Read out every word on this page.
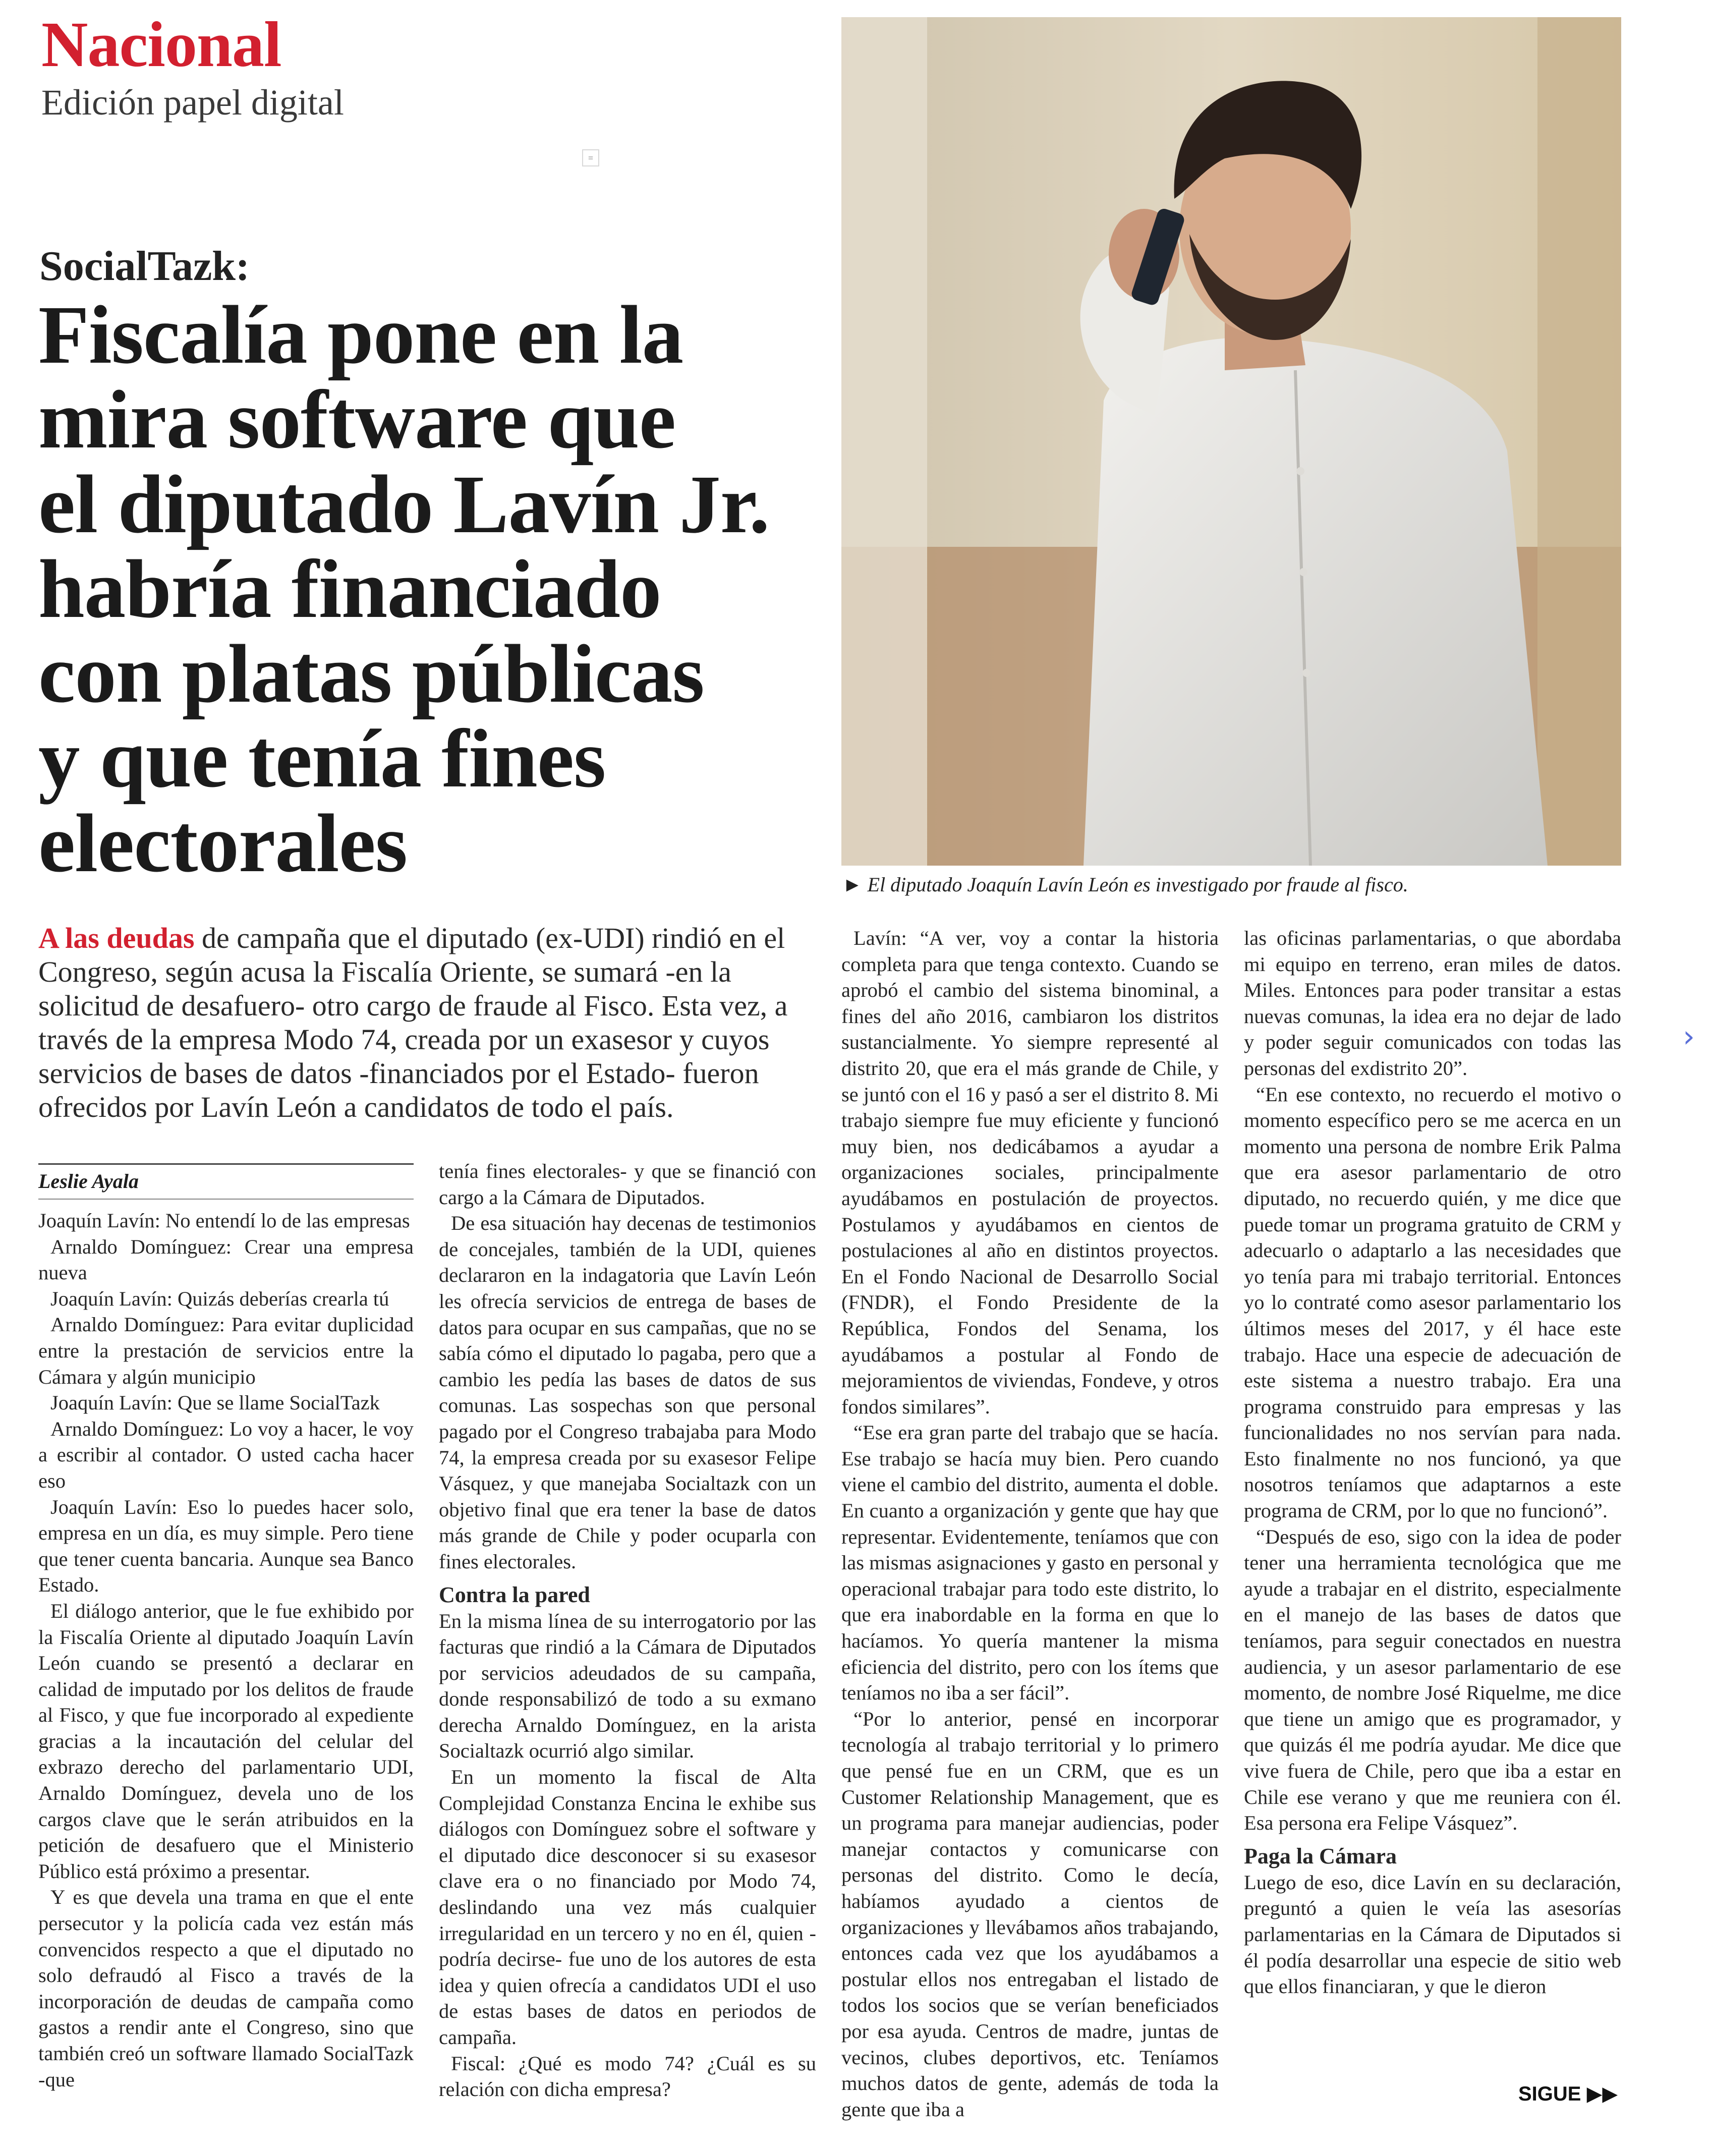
Nacional
Edición papel digital
≡
SocialTazk:
Fiscalía pone en la
mira software que
el diputado Lavín Jr.
habría financiado
con platas públicas
y que tenía fines
electorales	► El diputado Joaquín Lavín León es investigado por fraude al fisco.
A las deudas de campaña que el diputado (ex-UDI) rindió en el Congreso, según acusa la Fiscalía Oriente, se sumará -en la solicitud de desafuero- otro cargo de fraude al Fisco. Esta vez, a través de la empresa Modo 74, creada por un exasesor y cuyos servicios de bases de datos -financiados por el Estado- fueron ofrecidos por Lavín León a candidatos de todo el país.
Leslie Ayala

Joaquín Lavín: No entendí lo de las empresas

Arnaldo Domínguez: Crear una empresa nueva

Joaquín Lavín: Quizás deberías crearla tú

Arnaldo Domínguez: Para evitar duplicidad entre la prestación de servicios entre la Cámara y algún municipio

Joaquín Lavín: Que se llame SocialTazk

Arnaldo Domínguez: Lo voy a hacer, le voy a escribir al contador. O usted cacha hacer eso

Joaquín Lavín: Eso lo puedes hacer solo, empresa en un día, es muy simple. Pero tiene que tener cuenta bancaria. Aunque sea Banco Estado.

El diálogo anterior, que le fue exhibido por la Fiscalía Oriente al diputado Joaquín Lavín León cuando se presentó a declarar en calidad de imputado por los delitos de fraude al Fisco, y que fue incorporado al expediente gracias a la incautación del celular del exbrazo derecho del parlamentario UDI, Arnaldo Domínguez, devela uno de los cargos clave que le serán atribuidos en la petición de desafuero que el Ministerio Público está próximo a presentar.

Y es que devela una trama en que el ente persecutor y la policía cada vez están más convencidos respecto a que el diputado no solo defraudó al Fisco a través de la incorporación de deudas de campaña como gastos a rendir ante el Congreso, sino que también creó un software llamado SocialTazk -que

tenía fines electorales- y que se financió con cargo a la Cámara de Diputados.

De esa situación hay decenas de testimonios de concejales, también de la UDI, quienes declararon en la indagatoria que Lavín León les ofrecía servicios de entrega de bases de datos para ocupar en sus campañas, que no se sabía cómo el diputado lo pagaba, pero que a cambio les pedía las bases de datos de sus comunas. Las sospechas son que personal pagado por el Congreso trabajaba para Modo 74, la empresa creada por su exasesor Felipe Vásquez, y que manejaba Socialtazk con un objetivo final que era tener la base de datos más grande de Chile y poder ocuparla con fines electorales.

Contra la pared

En la misma línea de su interrogatorio por las facturas que rindió a la Cámara de Diputados por servicios adeudados de su campaña, donde responsabilizó de todo a su exmano derecha Arnaldo Domínguez, en la arista Socialtazk ocurrió algo similar.

En un momento la fiscal de Alta Complejidad Constanza Encina le exhibe sus diálogos con Domínguez sobre el software y el diputado dice desconocer si su exasesor clave era o no financiado por Modo 74, deslindando una vez más cualquier irregularidad en un tercero y no en él, quien -podría decirse- fue uno de los autores de esta idea y quien ofrecía a candidatos UDI el uso de estas bases de datos en periodos de campaña.

Fiscal: ¿Qué es modo 74? ¿Cuál es su relación con dicha empresa?

Lavín: “A ver, voy a contar la historia completa para que tenga contexto. Cuando se aprobó el cambio del sistema binominal, a fines del año 2016, cambiaron los distritos sustancialmente. Yo siempre representé al distrito 20, que era el más grande de Chile, y se juntó con el 16 y pasó a ser el distrito 8. Mi trabajo siempre fue muy eficiente y funcionó muy bien, nos dedicábamos a ayudar a organizaciones sociales, principalmente ayudábamos en postulación de proyectos. Postulamos y ayudábamos en cientos de postulaciones al año en distintos proyectos. En el Fondo Nacional de Desarrollo Social (FNDR), el Fondo Presidente de la República, Fondos del Senama, los ayudábamos a postular al Fondo de mejoramientos de viviendas, Fondeve, y otros fondos similares”.

“Ese era gran parte del trabajo que se hacía. Ese trabajo se hacía muy bien. Pero cuando viene el cambio del distrito, aumenta el doble. En cuanto a organización y gente que hay que representar. Evidentemente, teníamos que con las mismas asignaciones y gasto en personal y operacional trabajar para todo este distrito, lo que era inabordable en la forma en que lo hacíamos. Yo quería mantener la misma eficiencia del distrito, pero con los ítems que teníamos no iba a ser fácil”.

“Por lo anterior, pensé en incorporar tecnología al trabajo territorial y lo primero que pensé fue en un CRM, que es un Customer Relationship Management, que es un programa para manejar audiencias, poder manejar contactos y comunicarse con personas del distrito. Como le decía, habíamos ayudado a cientos de organizaciones y llevábamos años trabajando, entonces cada vez que los ayudábamos a postular ellos nos entregaban el listado de todos los socios que se verían beneficiados por esa ayuda. Centros de madre, juntas de vecinos, clubes deportivos, etc. Teníamos muchos datos de gente, además de toda la gente que iba a

las oficinas parlamentarias, o que abordaba mi equipo en terreno, eran miles de datos. Miles. Entonces para poder transitar a estas nuevas comunas, la idea era no dejar de lado y poder seguir comunicados con todas las personas del exdistrito 20”.

“En ese contexto, no recuerdo el motivo o momento específico pero se me acerca en un momento una persona de nombre Erik Palma que era asesor parlamentario de otro diputado, no recuerdo quién, y me dice que puede tomar un programa gratuito de CRM y adecuarlo o adaptarlo a las necesidades que yo tenía para mi trabajo territorial. Entonces yo lo contraté como asesor parlamentario los últimos meses del 2017, y él hace este trabajo. Hace una especie de adecuación de este sistema a nuestro trabajo. Era una programa construido para empresas y las funcionalidades no nos servían para nada. Esto finalmente no nos funcionó, ya que nosotros teníamos que adaptarnos a este programa de CRM, por lo que no funcionó”.

“Después de eso, sigo con la idea de poder tener una herramienta tecnológica que me ayude a trabajar en el distrito, especialmente en el manejo de las bases de datos que teníamos, para seguir conectados en nuestra audiencia, y un asesor parlamentario de ese momento, de nombre José Riquelme, me dice que tiene un amigo que es programador, y que quizás él me podría ayudar. Me dice que vive fuera de Chile, pero que iba a estar en Chile ese verano y que me reuniera con él. Esa persona era Felipe Vásquez”.

Paga la Cámara

Luego de eso, dice Lavín en su declaración, preguntó a quien le veía las asesorías parlamentarias en la Cámara de Diputados si él podía desarrollar una especie de sitio web que ellos financiaran, y que le dieron

SIGUE ▶▶
›
